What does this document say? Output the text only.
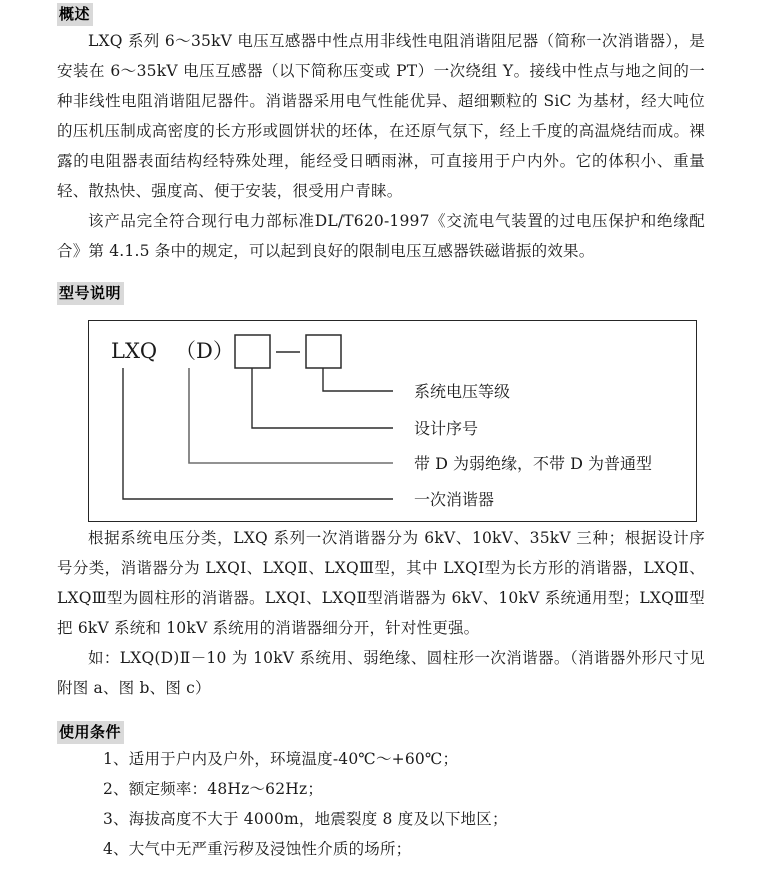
概述

LXQ 系列 6～35kV 电压互感器中性点用非线性电阻消谐阻尼器（简称一次消谐器），是安装在 6～35kV 电压互感器（以下简称压变或 PT）一次绕组 Y。接线中性点与地之间的一种非线性电阻消谐阻尼器件。消谐器采用电气性能优异、超细颗粒的 SiC 为基材，经大吨位的压机压制成高密度的长方形或圆饼状的坯体，在还原气氛下，经上千度的高温烧结而成。裸露的电阻器表面结构经特殊处理，能经受日晒雨淋，可直接用于户内外。它的体积小、重量轻、散热快、强度高、便于安装，很受用户青睐。

该产品完全符合现行电力部标准DL/T620-1997《交流电气装置的过电压保护和绝缘配合》第 4.1.5 条中的规定，可以起到良好的限制电压互感器铁磁谐振的效果。

型号说明

根据系统电压分类，LXQ 系列一次消谐器分为 6kV、10kV、35kV 三种；根据设计序号分类，消谐器分为 LXQⅠ、LXQⅡ、LXQⅢ型，其中 LXQⅠ型为长方形的消谐器，LXQⅡ、LXQⅢ型为圆柱形的消谐器。LXQⅠ、LXQⅡ型消谐器为 6kV、10kV 系统通用型；LXQⅢ型把 6kV 系统和 10kV 系统用的消谐器细分开，针对性更强。

如：LXQ(D)Ⅱ－10 为 10kV 系统用、弱绝缘、圆柱形一次消谐器。（消谐器外形尺寸见附图 a、图 b、图 c）

使用条件

1、适用于户内及户外，环境温度-40℃～+60℃；

2、额定频率：48Hz～62Hz；

3、海拔高度不大于 4000m，地震裂度 8 度及以下地区；

4、大气中无严重污秽及浸蚀性介质的场所；

LXQ （D）
系统电压等级
设计序号
带 D 为弱绝缘，不带 D 为普通型
一次消谐器
